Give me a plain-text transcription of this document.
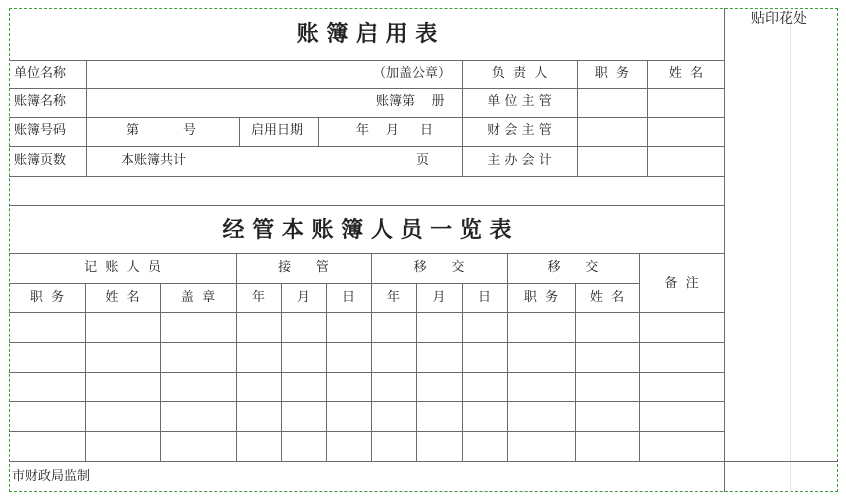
账 簿 启 用 表
贴印花处
单位名称	（加盖公章）	负  责  人	职  务	姓  名
账簿名称	账簿第    册	单 位 主 管
账簿号码	第	号	启用日期	年 月 日	财 会 主 管
账簿页数	本账簿共计	页	主 办 会 计
经 管 本 账 簿 人 员 一 览 表
记  账  人  员	接      管	移      交	移      交
备  注
职  务	姓  名	盖  章	年	月	日	年	月	日	职  务	姓  名
市财政局监制
